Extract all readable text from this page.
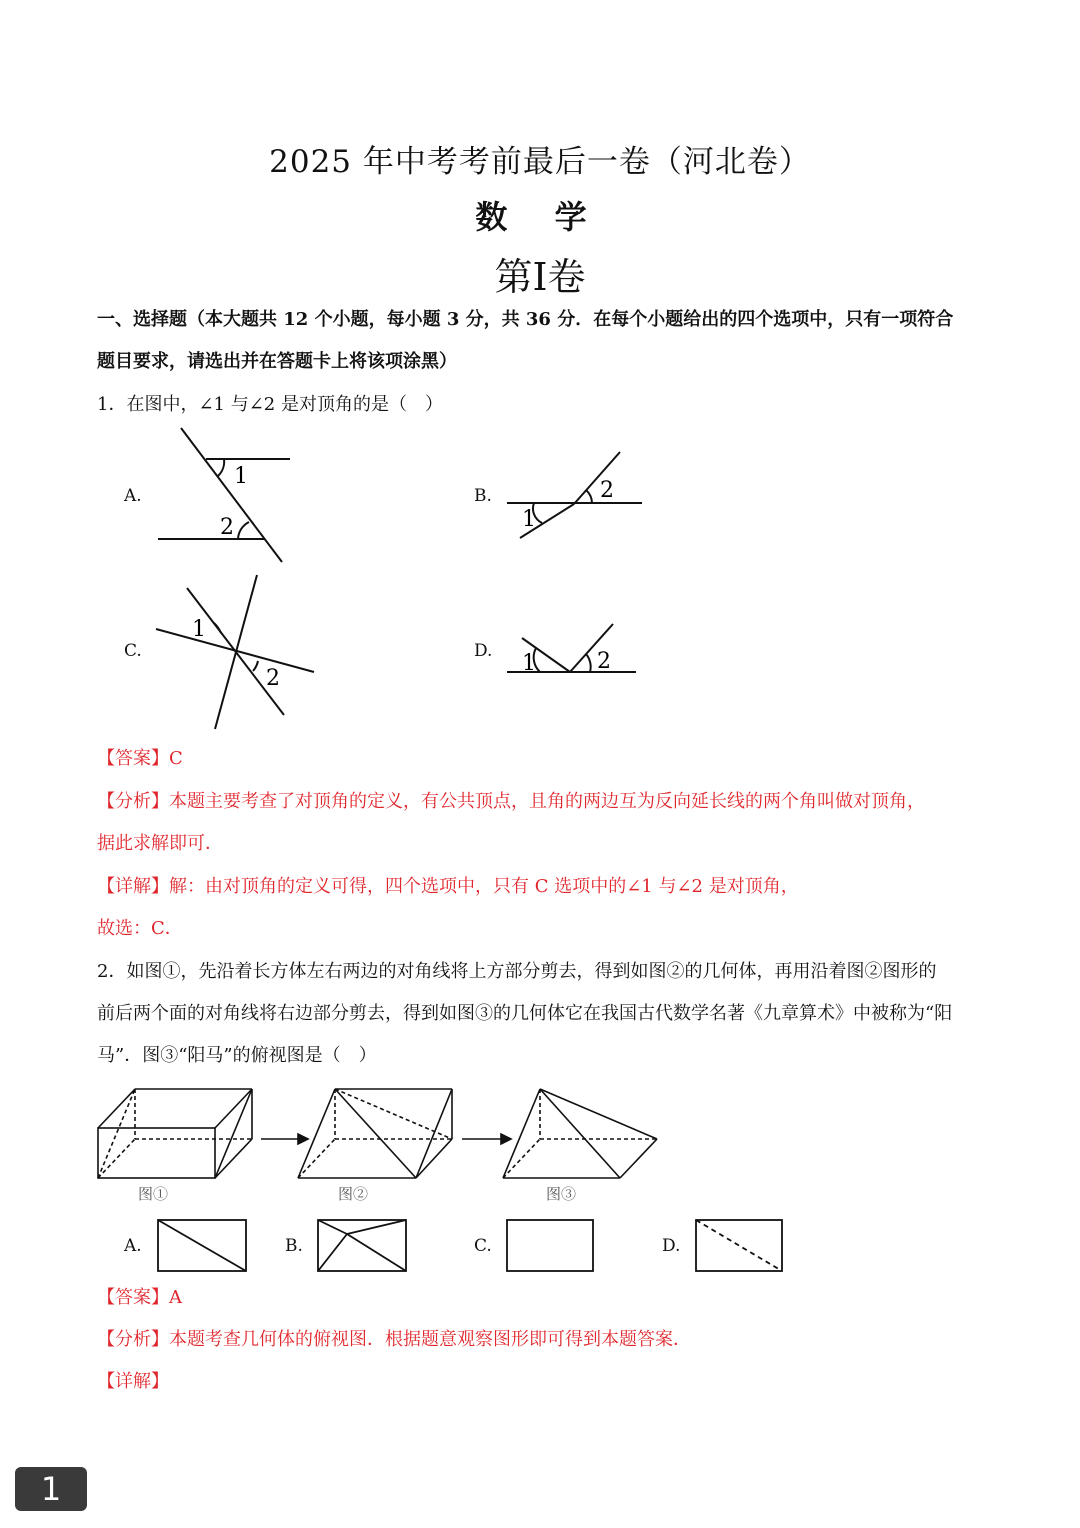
2025 年中考考前最后一卷（河北卷）
数 学
第I卷
一、选择题（本大题共 12 个小题，每小题 3 分，共 36 分．在每个小题给出的四个选项中，只有一项符合
题目要求，请选出并在答题卡上将该项涂黑）
1．在图中，∠1 与∠2 是对顶角的是（　）
A.	B.
C.	D.
1
2
2
1
1
2
1	2
【答案】C
【分析】本题主要考查了对顶角的定义，有公共顶点，且角的两边互为反向延长线的两个角叫做对顶角，
据此求解即可．
【详解】解：由对顶角的定义可得，四个选项中，只有 C 选项中的∠1 与∠2 是对顶角，
故选：C．
2．如图①，先沿着长方体左右两边的对角线将上方部分剪去，得到如图②的几何体，再用沿着图②图形的
前后两个面的对角线将右边部分剪去，得到如图③的几何体它在我国古代数学名著《九章算术》中被称为“阳
马”．图③“阳马”的俯视图是（　）
图①	图②	图③
A.	B.	C.	D.
【答案】A
【分析】本题考查几何体的俯视图．根据题意观察图形即可得到本题答案．
【详解】
1
